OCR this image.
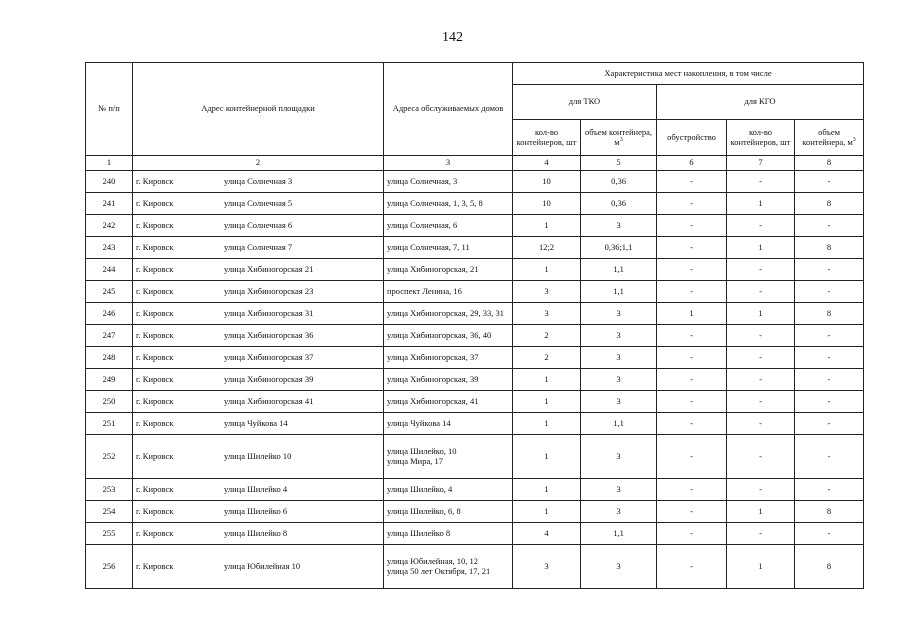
142
№ п/п	Адрес контейнерной площадки	Адреса обслуживаемых домов	Характеристика мест накопления, в том числе				
			для ТКО		для КГО		
			кол-во контейнеров, шт	объем контейнера, $м^3$	обустройство	кол-во контейнеров, шт	объем контейнера, $м^3$
1	2	3	4	5	6	7	8
240	г. Кировск улица Солнечная 3	улица Солнечная, 3	10	0,36	-	-	-
241	г. Кировск улица Солнечная 5	улица Солнечная, 1, 3, 5, 8	10	0,36	-	1	8
242	г. Кировск улица Солнечная 6	улица Солнечная, 6	1	3	-	-	-
243	г. Кировск улица Солнечная 7	улица Солнечная, 7, 11	12;2	0,36;1,1	-	1	8
244	г. Кировск улица Хибиногорская 21	улица Хибиногорская, 21	1	1,1	-	-	-
245	г. Кировск улица Хибиногорская 23	проспект Ленина, 16	3	1,1	-	-	-
246	г. Кировск улица Хибиногорская 31	улица Хибиногорская, 29, 33, 31	3	3	1	1	8
247	г. Кировск улица Хибиногорская 36	улица Хибиногорская, 36, 40	2	3	-	-	-
248	г. Кировск улица Хибиногорская 37	улица Хибиногорская, 37	2	3	-	-	-
249	г. Кировск улица Хибиногорская 39	улица Хибиногорская, 39	1	3	-	-	-
250	г. Кировск улица Хибиногорская 41	улица Хибиногорская, 41	1	3	-	-	-
251	г. Кировск улица Чуйкова 14	улица Чуйкова 14	1	1,1	-	-	-
252	г. Кировск улица Шилейко 10	улица Шилейко, 10
улица Мира, 17	1	3	-	-	-
253	г. Кировск улица Шилейко 4	улица Шилейко, 4	1	3	-	-	-
254	г. Кировск улица Шилейко 6	улица Шилейко, 6, 8	1	3	-	1	8
255	г. Кировск улица Шилейко 8	улица Шилейко 8	4	1,1	-	-	-
256	г. Кировск улица Юбилейная 10	улица Юбилейная, 10, 12
улица 50 лет Октября, 17, 21	3	3	-	1	8
